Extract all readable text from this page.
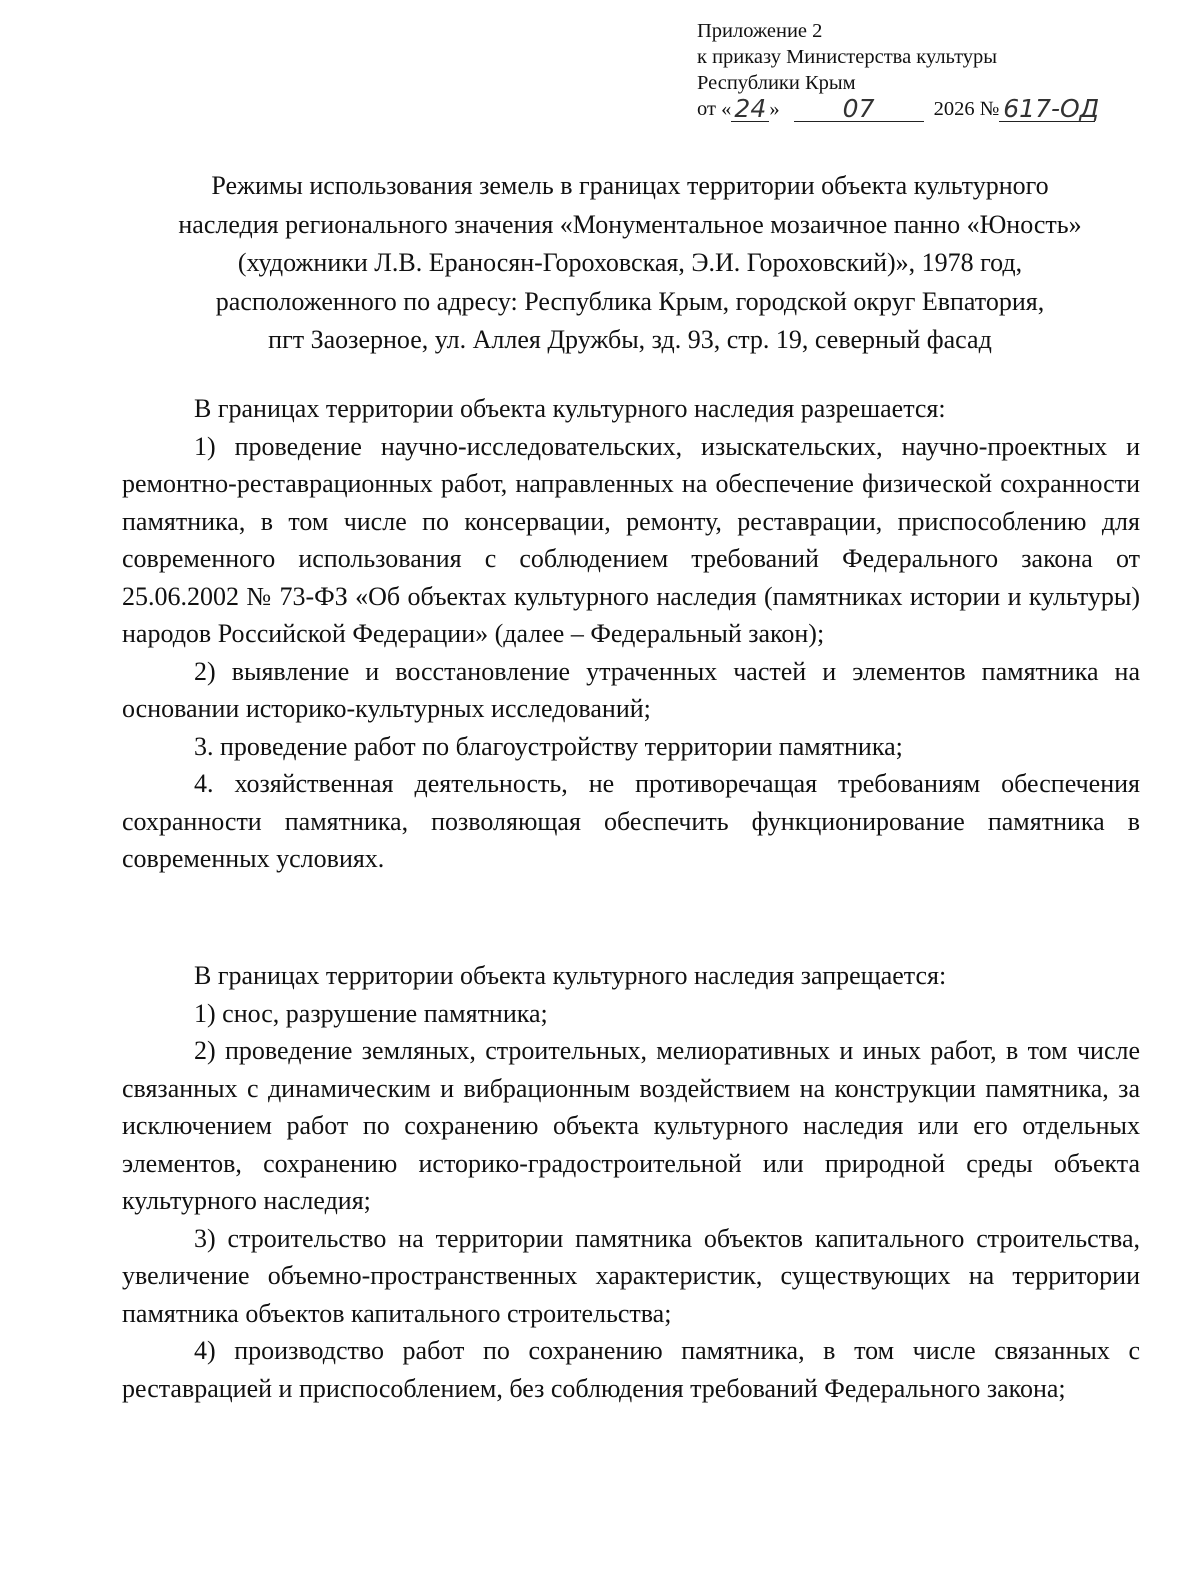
Приложение 2
к приказу Министерства культуры
Республики Крым
от « 24 »	07	2026 № 617-ОД
Режимы использования земель в границах территории объекта культурного
наследия регионального значения «Монументальное мозаичное панно «Юность»
(художники Л.В. Ераносян-Гороховская, Э.И. Гороховский)», 1978 год,
расположенного по адресу: Республика Крым, городской округ Евпатория,
пгт Заозерное, ул. Аллея Дружбы, зд. 93, стр. 19, северный фасад

В границах территории объекта культурного наследия разрешается:

1) проведение научно-исследовательских, изыскательских, научно-проектных и ремонтно-реставрационных работ, направленных на обеспечение физической сохранности памятника, в том числе по консервации, ремонту, реставрации, приспособлению для современного использования с соблюдением требований Федерального закона от 25.06.2002 № 73-ФЗ «Об объектах культурного наследия (памятниках истории и культуры) народов Российской Федерации» (далее – Федеральный закон);

2) выявление и восстановление утраченных частей и элементов памятника на основании историко-культурных исследований;

3. проведение работ по благоустройству территории памятника;

4. хозяйственная деятельность, не противоречащая требованиям обеспечения сохранности памятника, позволяющая обеспечить функционирование памятника в современных условиях.

В границах территории объекта культурного наследия запрещается:

1) снос, разрушение памятника;

2) проведение земляных, строительных, мелиоративных и иных работ, в том числе связанных с динамическим и вибрационным воздействием на конструкции памятника, за исключением работ по сохранению объекта культурного наследия или его отдельных элементов, сохранению историко-градостроительной или природной среды объекта культурного наследия;

3) строительство на территории памятника объектов капитального строительства, увеличение объемно-пространственных характеристик, существующих на территории памятника объектов капитального строительства;

4) производство работ по сохранению памятника, в том числе связанных с реставрацией и приспособлением, без соблюдения требований Федерального закона;
